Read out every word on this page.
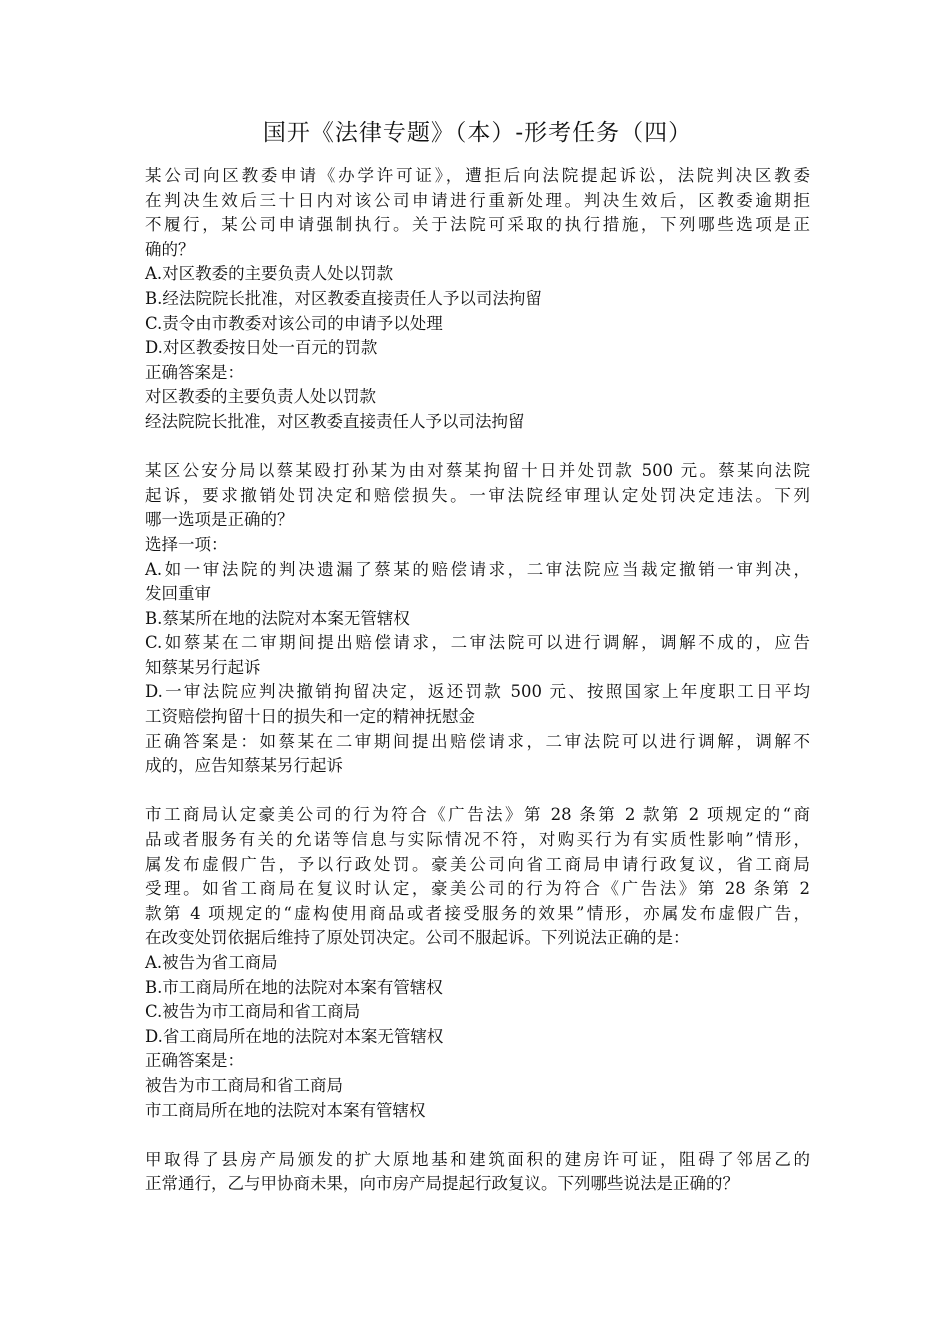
国开《法律专题》（本）-形考任务（四）
某公司向区教委申请《办学许可证》，遭拒后向法院提起诉讼，法院判决区教委
在判决生效后三十日内对该公司申请进行重新处理。判决生效后，区教委逾期拒
不履行，某公司申请强制执行。关于法院可采取的执行措施，下列哪些选项是正
确的？
A.对区教委的主要负责人处以罚款
B.经法院院长批准，对区教委直接责任人予以司法拘留
C.责令由市教委对该公司的申请予以处理
D.对区教委按日处一百元的罚款
正确答案是：
对区教委的主要负责人处以罚款
经法院院长批准，对区教委直接责任人予以司法拘留
某区公安分局以蔡某殴打孙某为由对蔡某拘留十日并处罚款 500 元。蔡某向法院
起诉，要求撤销处罚决定和赔偿损失。一审法院经审理认定处罚决定违法。下列
哪一选项是正确的？
选择一项：
A.如一审法院的判决遗漏了蔡某的赔偿请求，二审法院应当裁定撤销一审判决，
发回重审
B.蔡某所在地的法院对本案无管辖权
C.如蔡某在二审期间提出赔偿请求，二审法院可以进行调解，调解不成的，应告
知蔡某另行起诉
D.一审法院应判决撤销拘留决定，返还罚款 500 元、按照国家上年度职工日平均
工资赔偿拘留十日的损失和一定的精神抚慰金
正确答案是：如蔡某在二审期间提出赔偿请求，二审法院可以进行调解，调解不
成的，应告知蔡某另行起诉
市工商局认定豪美公司的行为符合《广告法》第 28 条第 2 款第 2 项规定的“商
品或者服务有关的允诺等信息与实际情况不符，对购买行为有实质性影响”情形，
属发布虚假广告，予以行政处罚。豪美公司向省工商局申请行政复议，省工商局
受理。如省工商局在复议时认定，豪美公司的行为符合《广告法》第 28 条第 2
款第 4 项规定的“虚构使用商品或者接受服务的效果”情形，亦属发布虚假广告，
在改变处罚依据后维持了原处罚决定。公司不服起诉。下列说法正确的是：
A.被告为省工商局
B.市工商局所在地的法院对本案有管辖权
C.被告为市工商局和省工商局
D.省工商局所在地的法院对本案无管辖权
正确答案是：
被告为市工商局和省工商局
市工商局所在地的法院对本案有管辖权
甲取得了县房产局颁发的扩大原地基和建筑面积的建房许可证，阻碍了邻居乙的
正常通行，乙与甲协商未果，向市房产局提起行政复议。下列哪些说法是正确的？
